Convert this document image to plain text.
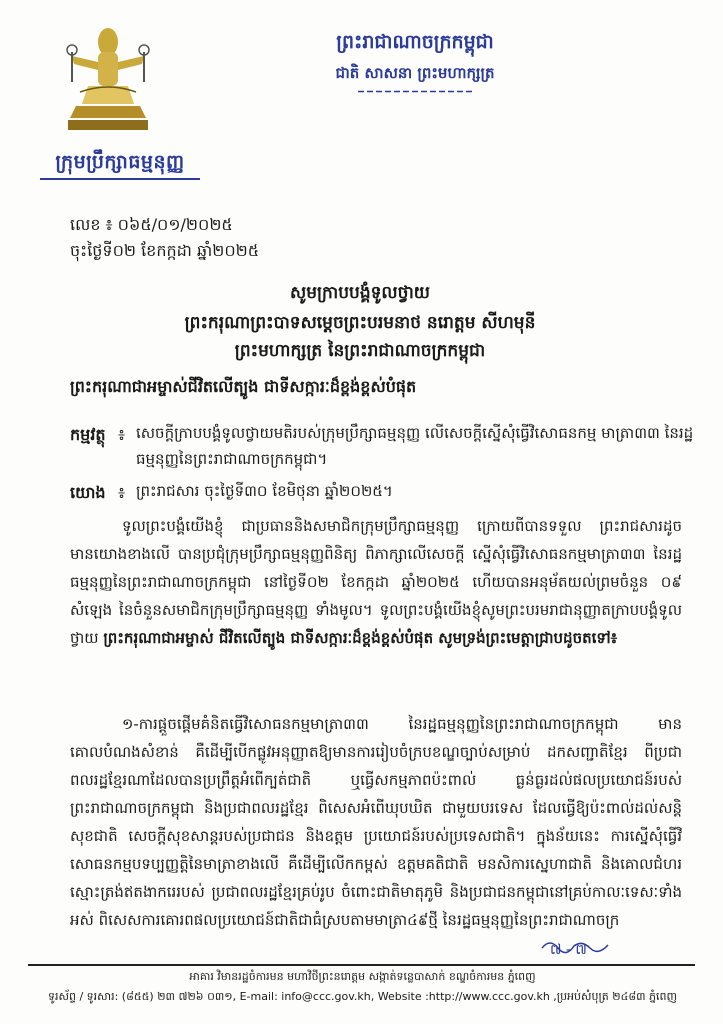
ក្រុមប្រឹក្សាធម្មនុញ្ញ
ព្រះរាជាណាចក្រកម្ពុជា
ជាតិ សាសនា ព្រះមហាក្សត្រ
លេខ ៖ ០៦៥/០១/២០២៥
ចុះថ្ងៃទី០២ ខែកក្កដា ឆ្នាំ២០២៥
សូមក្រាបបង្គំទូលថ្វាយ
ព្រះករុណាព្រះបាទសម្តេចព្រះបរមនាថ នរោត្តម សីហមុនី
ព្រះមហាក្សត្រ នៃព្រះរាជាណាចក្រកម្ពុជា
ព្រះករុណាជាអម្ចាស់ជីវិតលើត្បូង ជាទីសក្ការៈដ៏ខ្ពង់ខ្ពស់បំផុត
កម្មវត្ថុ ៖ សេចក្តីក្រាបបង្គំទូលថ្វាយមតិរបស់ក្រុមប្រឹក្សាធម្មនុញ្ញ លើសេចក្តីស្នើសុំធ្វើវិសោធនកម្ម មាត្រា៣៣ នៃរដ្ឋធម្មនុញ្ញនៃព្រះរាជាណាចក្រកម្ពុជា។
យោង ៖ ព្រះរាជសារ ចុះថ្ងៃទី៣០ ខែមិថុនា ឆ្នាំ២០២៥។
ទូលព្រះបង្គំយើងខ្ញុំ ជាប្រធាននិងសមាជិកក្រុមប្រឹក្សាធម្មនុញ្ញ ក្រោយពីបានទទួល ព្រះរាជសារដូចមានយោងខាងលើ បានប្រជុំក្រុមប្រឹក្សាធម្មនុញ្ញពិនិត្យ ពិភាក្សាលើសេចក្តី ស្នើសុំធ្វើវិសោធនកម្មមាត្រា៣៣ នៃរដ្ឋធម្មនុញ្ញនៃព្រះរាជាណាចក្រកម្ពុជា នៅថ្ងៃទី០២ ខែកក្កដា ឆ្នាំ២០២៥ ហើយបានអនុម័តយល់ព្រមចំនួន ០៩ សំឡេង នៃចំនួនសមាជិកក្រុមប្រឹក្សាធម្មនុញ្ញ ទាំងមូល។ ទូលព្រះបង្គំយើងខ្ញុំសូមព្រះបរមរាជានុញ្ញាតក្រាបបង្គំទូលថ្វាយ ព្រះករុណាជាអម្ចាស់ ជីវិតលើត្បូង ជាទីសក្ការៈដ៏ខ្ពង់ខ្ពស់បំផុត សូមទ្រង់ព្រះមេត្តាជ្រាបដូចតទៅ៖
១-ការផ្តួចផ្តើមគំនិតធ្វើវិសោធនកម្មមាត្រា៣៣ នៃរដ្ឋធម្មនុញ្ញនៃព្រះរាជាណាចក្រកម្ពុជា មានគោលបំណងសំខាន់ គឺដើម្បីបើកផ្លូវអនុញ្ញាតឱ្យមានការរៀបចំក្របខណ្ឌច្បាប់សម្រាប់ ដកសញ្ជាតិខ្មែរ ពីប្រជាពលរដ្ឋខ្មែរណាដែលបានប្រព្រឹត្តអំពើក្បត់ជាតិ ឬធ្វើសកម្មភាពប៉ះពាល់ ធ្ងន់ធ្ងរដល់ផលប្រយោជន៍របស់ព្រះរាជាណាចក្រកម្ពុជា និងប្រជាពលរដ្ឋខ្មែរ ពិសេសអំពើឃុបឃិត ជាមួយបរទេស ដែលធ្វើឱ្យប៉ះពាល់ដល់សន្តិសុខជាតិ សេចក្តីសុខសាន្តរបស់ប្រជាជន និងឧត្តម ប្រយោជន៍របស់ប្រទេសជាតិ។ ក្នុងន័យនេះ ការស្នើសុំធ្វើវិសោធនកម្មបទប្បញ្ញត្តិនៃមាត្រាខាងលើ គឺដើម្បីលើកកម្ពស់ ឧត្តមគតិជាតិ មនសិការស្នេហាជាតិ និងគោលជំហរស្មោះត្រង់ឥតងាករេរបស់ ប្រជាពលរដ្ឋខ្មែរគ្រប់រូប ចំពោះជាតិមាតុភូមិ និងប្រជាជនកម្ពុជានៅគ្រប់កាលៈទេសៈទាំងអស់ ពិសេសការគោរពផលប្រយោជន៍ជាតិជាធំស្របតាមមាត្រា៤៩ថ្មី នៃរដ្ឋធម្មនុញ្ញនៃព្រះរាជាណាចក្រ
៧ - ៧
អាគារ វិមានរដ្ឋចំការមន មហាវិថីព្រះនរោត្តម សង្កាត់ទន្លេបាសាក់ ខណ្ឌចំការមន ភ្នំពេញ
ទូរស័ព្ទ / ទូរសារ: (៨៥៥) ២៣ ៧២៦ ០៣១, E-mail: info@ccc.gov.kh, Website :http://www.ccc.gov.kh ,ប្រអប់សំបុត្រ ២៤៨៣ ភ្នំពេញ
